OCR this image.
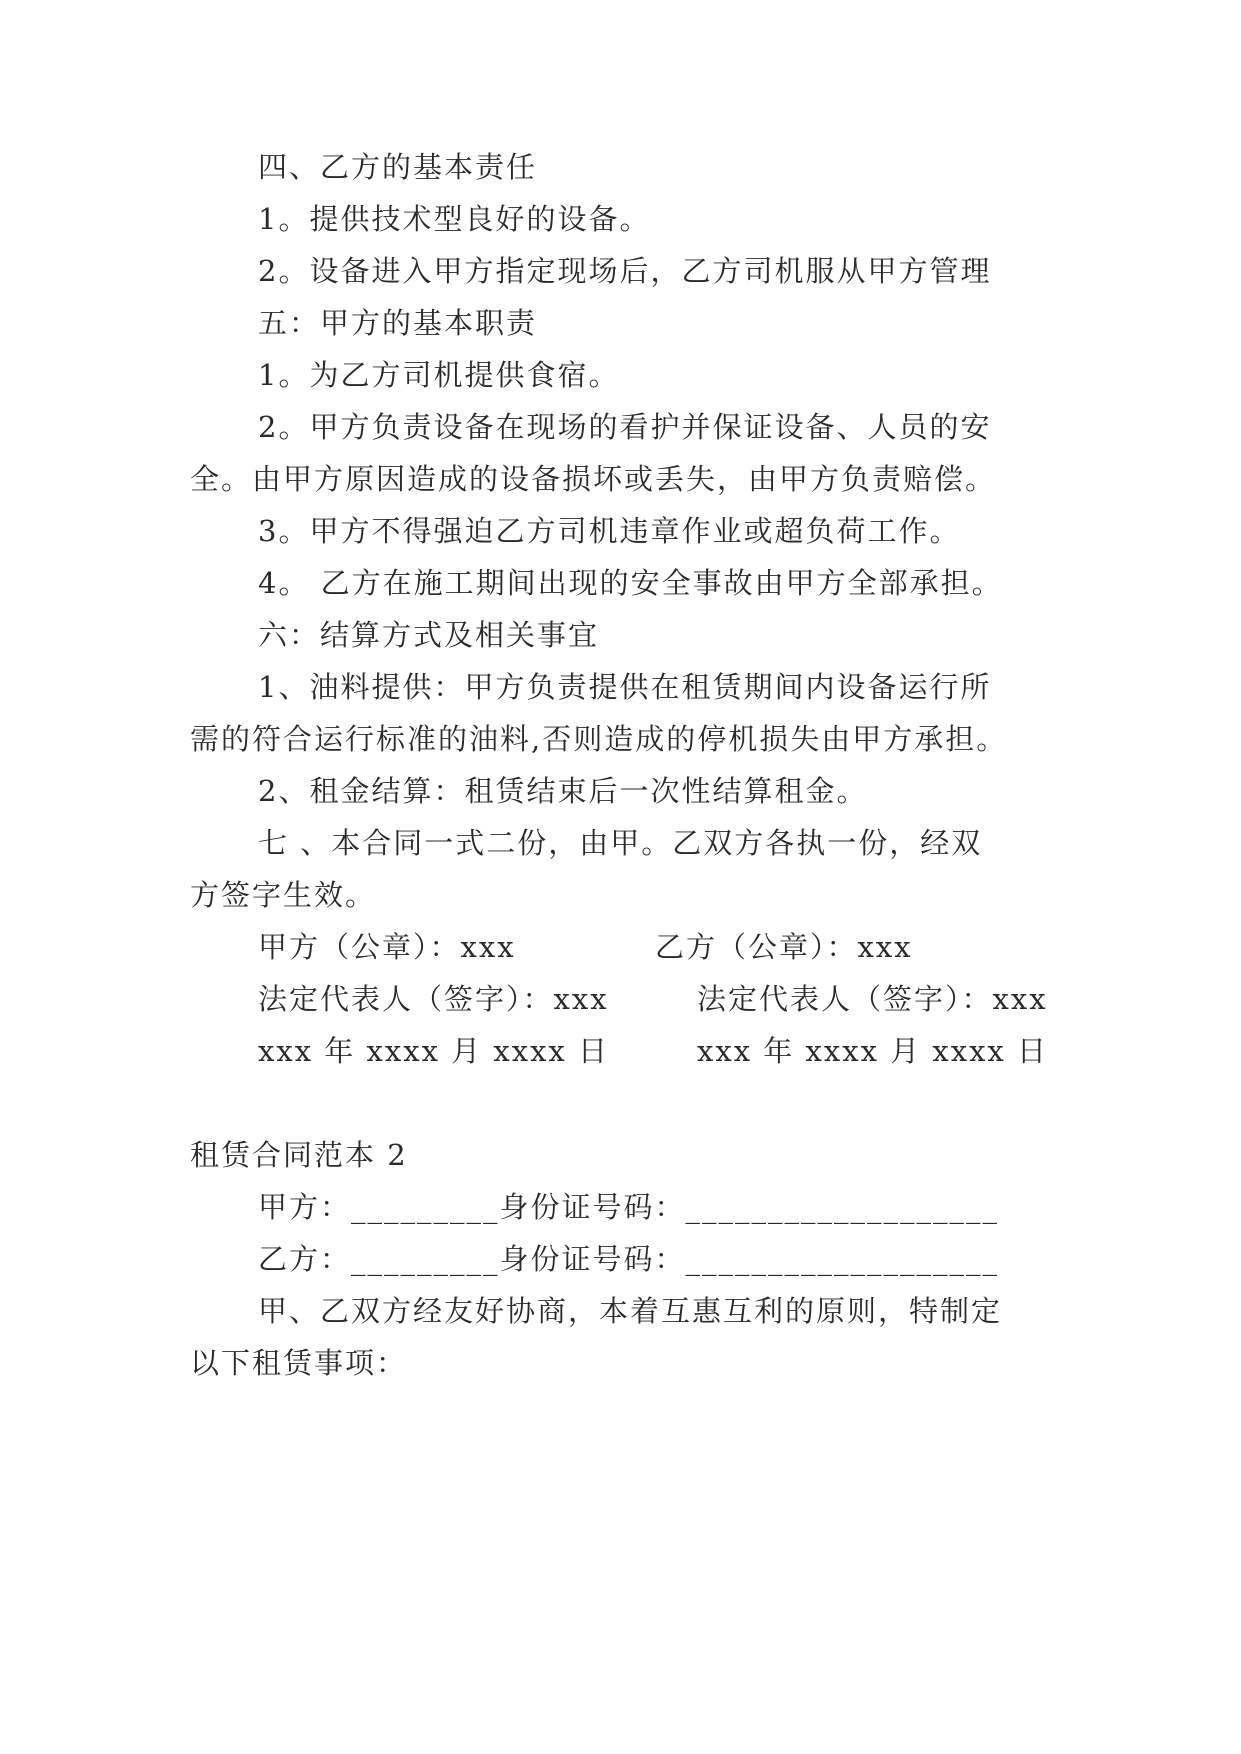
四、乙方的基本责任
1。提供技术型良好的设备。
2。设备进入甲方指定现场后，乙方司机服从甲方管理
五：甲方的基本职责
1。为乙方司机提供食宿。
2。甲方负责设备在现场的看护并保证设备、人员的安
全。由甲方原因造成的设备损坏或丢失，由甲方负责赔偿。
3。甲方不得强迫乙方司机违章作业或超负荷工作。
4。 乙方在施工期间出现的安全事故由甲方全部承担。
六：结算方式及相关事宜
1、油料提供：甲方负责提供在租赁期间内设备运行所
需的符合运行标准的油料,否则造成的停机损失由甲方承担。
2、租金结算：租赁结束后一次性结算租金。
七 、本合同一式二份，由甲。乙双方各执一份，经双
方签字生效。
甲方（公章）：xxx	乙方（公章）：xxx
法定代表人（签字）：xxx	法定代表人（签字）：xxx
xxx 年 xxxx 月 xxxx 日	xxx 年 xxxx 月 xxxx 日
租赁合同范本 2
甲方：_________身份证号码：___________________
乙方：_________身份证号码：___________________
甲、乙双方经友好协商，本着互惠互利的原则，特制定
以下租赁事项：
